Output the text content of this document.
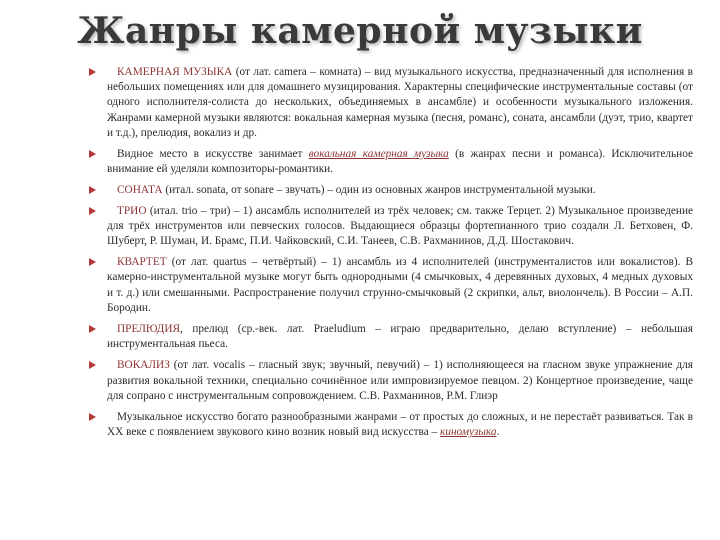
Жанры камерной музыки

КАМЕРНАЯ МУЗЫКА (от лат. camera – комната) – вид музыкального искусства, предназначенный для исполнения в небольших помещениях или для домашнего музицирования. Характерны специфические инструментальные составы (от одного исполнителя-солиста до нескольких, объединяемых в ансамбле) и особенности музыкального изложения. Жанрами камерной музыки являются: вокальная камерная музыка (песня, романс), соната, ансамбли (дуэт, трио, квартет и т.д.), прелюдия, вокализ и др.

Видное место в искусстве занимает вокальная камерная музыка (в жанрах песни и романса). Исключительное внимание ей уделяли композиторы-романтики.

СОНАТА (итал. sonata, от sonare – звучать) – один из основных жанров инструментальной музыки.

ТРИО (итал. trio – три) – 1) ансамбль исполнителей из трёх человек; см. также Терцет. 2) Музыкальное произведение для трёх инструментов или певческих голосов. Выдающиеся образцы фортепианного трио создали Л. Бетховен, Ф. Шуберт, Р. Шуман, И. Брамс, П.И. Чайковский, С.И. Танеев, С.В. Рахманинов, Д.Д. Шостакович.

КВАРТЕТ (от лат. quartus – четвёртый) – 1) ансамбль из 4 исполнителей (инструменталистов или вокалистов). В камерно-инструментальной музыке могут быть однородными (4 смычковых, 4 деревянных духовых, 4 медных духовых и т. д.) или смешанными. Распространение получил струнно-смычковый (2 скрипки, альт, виолончель). В России – А.П. Бородин.

ПРЕЛЮДИЯ, прелюд (ср.-век. лат. Praeludium – играю предварительно, делаю вступление) – небольшая инструментальная пьеса.

ВОКАЛИЗ (от лат. vocalis – гласный звук; звучный, певучий) – 1) исполняющееся на гласном звуке упражнение для развития вокальной техники, специально сочинённое или импровизируемое певцом. 2) Концертное произведение, чаще для сопрано с инструментальным сопровождением. С.В. Рахманинов, Р.М. Глиэр

Музыкальное искусство богато разнообразными жанрами – от простых до сложных, и не перестаёт развиваться. Так в XX веке с появлением звукового кино возник новый вид искусства – киномузыка.
